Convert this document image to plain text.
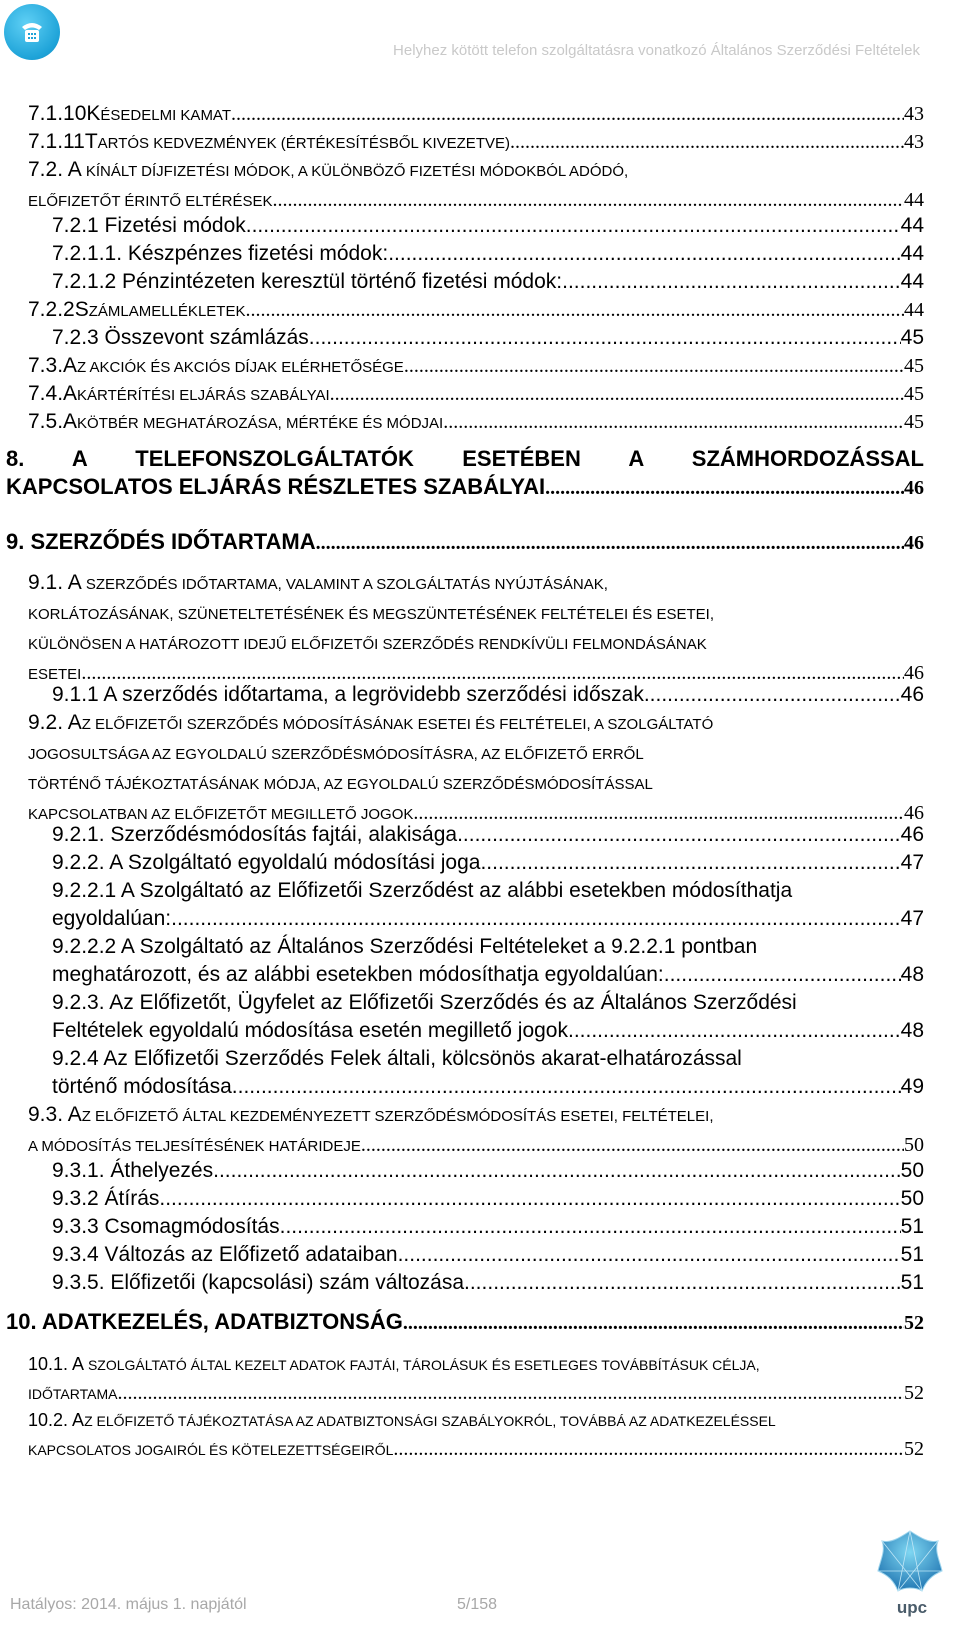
Helyhez kötött telefon szolgáltatásra vonatkozó Általános Szerződési Feltételek
7.1.10 K ÉSEDELMI KAMAT .....	43
7.1.11 T ARTÓS KEDVEZMÉNYEK (ÉRTÉKESÍTÉSBŐL KIVEZETVE) .....	43
7.2. A KÍNÁLT DÍJFIZETÉSI MÓDOK, A KÜLÖNBÖZŐ FIZETÉSI MÓDOKBÓL ADÓDÓ,
ELŐFIZETŐT ÉRINTŐ ELTÉRÉSEK .....	44
7.2.1 Fizetési módok .....	44
7.2.1.1. Készpénzes fizetési módok: .....	44
7.2.1.2 Pénzintézeten keresztül történő fizetési módok: .....	44
7.2.2 S ZÁMLAMELLÉKLETEK .....	44
7.2.3 Összevont számlázás .....	45
7.3. A Z AKCIÓK ÉS AKCIÓS DÍJAK ELÉRHETŐSÉGE .....	45
7.4. A KÁRTÉRÍTÉSI ELJÁRÁS SZABÁLYAI .....	45
7.5. A KÖTBÉR MEGHATÁROZÁSA, MÉRTÉKE ÉS MÓDJAI .....	45
8. A TELEFONSZOLGÁLTATÓK ESETÉBEN A SZÁMHORDOZÁSSAL
KAPCSOLATOS ELJÁRÁS RÉSZLETES SZABÁLYAI .....	46
9. SZERZŐDÉS IDŐTARTAMA .....	46
9.1. A SZERZŐDÉS IDŐTARTAMA, VALAMINT A SZOLGÁLTATÁS NYÚJTÁSÁNAK,
KORLÁTOZÁSÁNAK, SZÜNETELTETÉSÉNEK ÉS MEGSZÜNTETÉSÉNEK FELTÉTELEI ÉS ESETEI,
KÜLÖNÖSEN A HATÁROZOTT IDEJŰ ELŐFIZETŐI SZERZŐDÉS RENDKÍVÜLI FELMONDÁSÁNAK
ESETEI .....	46
9.1.1 A szerződés időtartama, a legrövidebb szerződési időszak .....	46
9.2. AZ ELŐFIZETŐI SZERZŐDÉS MÓDOSÍTÁSÁNAK ESETEI ÉS FELTÉTELEI, A SZOLGÁLTATÓ
JOGOSULTSÁGA AZ EGYOLDALÚ SZERZŐDÉSMÓDOSÍTÁSRA, AZ ELŐFIZETŐ ERRŐL
TÖRTÉNŐ TÁJÉKOZTATÁSÁNAK MÓDJA, AZ EGYOLDALÚ SZERZŐDÉSMÓDOSÍTÁSSAL
KAPCSOLATBAN AZ ELŐFIZETŐT MEGILLETŐ JOGOK .....	46
9.2.1. Szerződésmódosítás fajtái, alakisága .....	46
9.2.2. A Szolgáltató egyoldalú módosítási joga .....	47
9.2.2.1 A Szolgáltató az Előfizetői Szerződést az alábbi esetekben módosíthatja
egyoldalúan: .....	47
9.2.2.2 A Szolgáltató az Általános Szerződési Feltételeket a 9.2.2.1 pontban
meghatározott, és az alábbi esetekben módosíthatja egyoldalúan: .....	48
9.2.3. Az Előfizetőt, Ügyfelet az Előfizetői Szerződés és az Általános Szerződési
Feltételek egyoldalú módosítása esetén megillető jogok .....	48
9.2.4 Az Előfizetői Szerződés Felek általi, kölcsönös akarat-elhatározással
történő módosítása .....	49
9.3. AZ ELŐFIZETŐ ÁLTAL KEZDEMÉNYEZETT SZERZŐDÉSMÓDOSÍTÁS ESETEI, FELTÉTELEI,
A MÓDOSÍTÁS TELJESÍTÉSÉNEK HATÁRIDEJE .....	50
9.3.1. Áthelyezés .....	50
9.3.2 Átírás .....	50
9.3.3 Csomagmódosítás .....	51
9.3.4 Változás az Előfizető adataiban .....	51
9.3.5. Előfizetői (kapcsolási) szám változása .....	51
10. ADATKEZELÉS, ADATBIZTONSÁG .....	52
10.1. A SZOLGÁLTATÓ ÁLTAL KEZELT ADATOK FAJTÁI, TÁROLÁSUK ÉS ESETLEGES TOVÁBBÍTÁSUK CÉLJA,
IDŐTARTAMA .....	52
10.2. AZ ELŐFIZETŐ TÁJÉKOZTATÁSA AZ ADATBIZTONSÁGI SZABÁLYOKRÓL, TOVÁBBÁ AZ ADATKEZELÉSSEL
KAPCSOLATOS JOGAIRÓL ÉS KÖTELEZETTSÉGEIRŐL .....	52
upc
Hatályos: 2014. május 1. napjától	5/158
